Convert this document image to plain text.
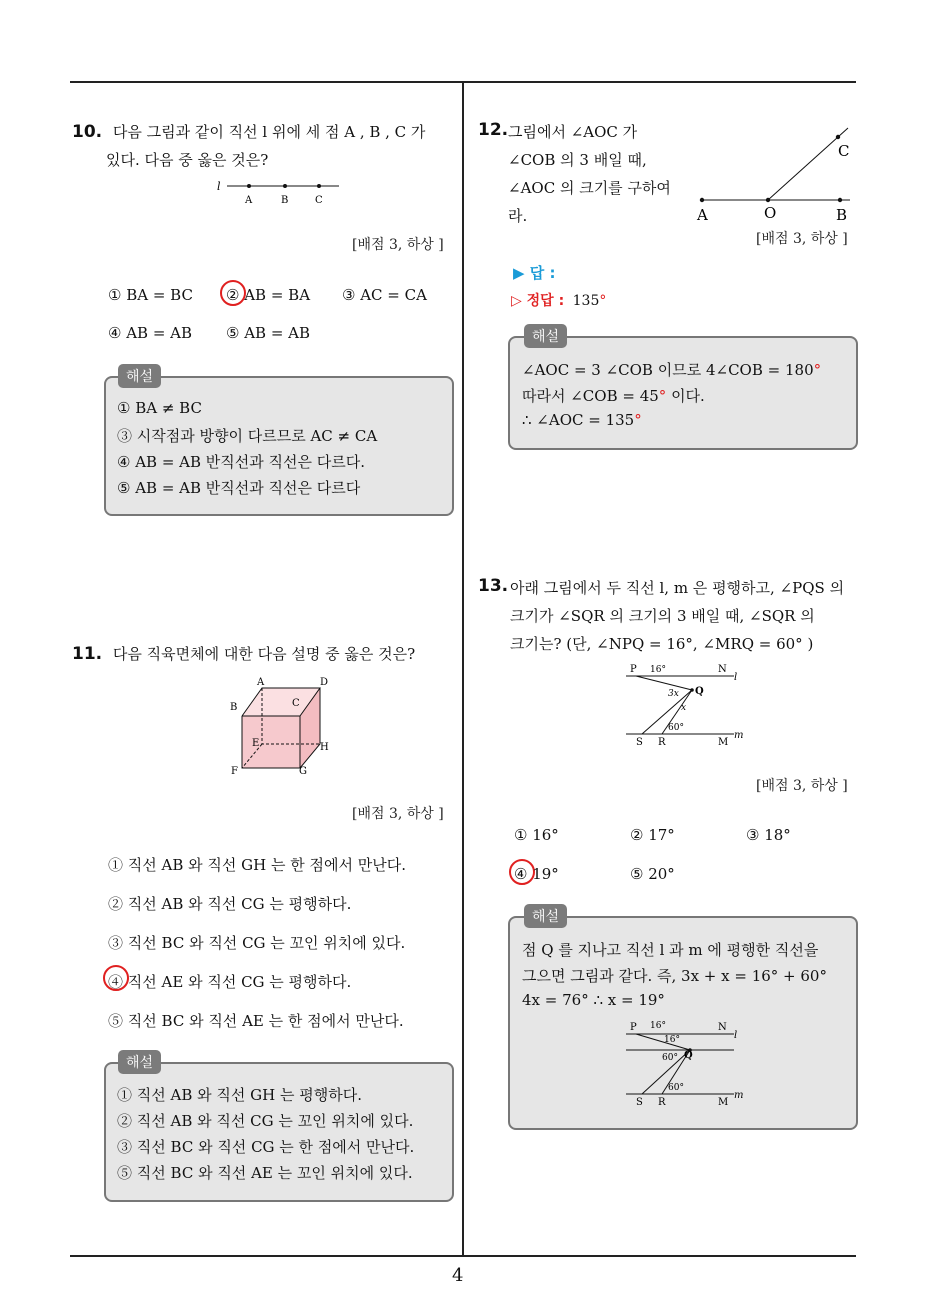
4
10. 다음 그림과 같이 직선 l 위에 세 점 A , B , C 가
있다. 다음 중 옳은 것은?
l
A	B	C
[배점 3, 하상 ]
① BA = BC ② AB = BA ③ AC = CA
④ AB = AB ⑤ AB = AB
해설
① BA ≠ BC
③ 시작점과 방향이 다르므로 AC ≠ CA
④ AB = AB 반직선과 직선은 다르다.
⑤ AB = AB 반직선과 직선은 다르다
11. 다음 직육면체에 대한 다음 설명 중 옳은 것은?
A	D
B	C
E	H
F	G
[배점 3, 하상 ]
① 직선 AB 와 직선 GH 는 한 점에서 만난다.
② 직선 AB 와 직선 CG 는 평행하다.
③ 직선 BC 와 직선 CG 는 꼬인 위치에 있다.
④ 직선 AE 와 직선 CG 는 평행하다.
⑤ 직선 BC 와 직선 AE 는 한 점에서 만난다.
해설
① 직선 AB 와 직선 GH 는 평행하다.
② 직선 AB 와 직선 CG 는 꼬인 위치에 있다.
③ 직선 BC 와 직선 CG 는 한 점에서 만난다.
⑤ 직선 BC 와 직선 AE 는 꼬인 위치에 있다.
12. 그림에서 ∠AOC 가
∠COB 의 3 배일 때,
∠AOC 의 크기를 구하여
라.	A	O	B
C
[배점 3, 하상 ]
▶ 답 :
▷ 정답 : 135°
해설
∠AOC = 3 ∠COB 이므로 4∠COB = 180°
따라서 ∠COB = 45° 이다.
∴ ∠AOC = 135°
13. 아래 그림에서 두 직선 l, m 은 평행하고, ∠PQS 의
크기가 ∠SQR 의 크기의 3 배일 때, ∠SQR 의
크기는? (단, ∠NPQ = 16°, ∠MRQ = 60° )
P 16°	N
l
3x Q
x
60°
S R	M
m
[배점 3, 하상 ]
① 16°	② 17°	③ 18°
④ 19°	⑤ 20°
해설
점 Q 를 지나고 직선 l 과 m 에 평행한 직선을
그으면 그림과 같다. 즉, 3x + x = 16° + 60°
4x = 76° ∴ x = 19°
P 16°
16°
N
l
60° Q
60°
S R	M
m
